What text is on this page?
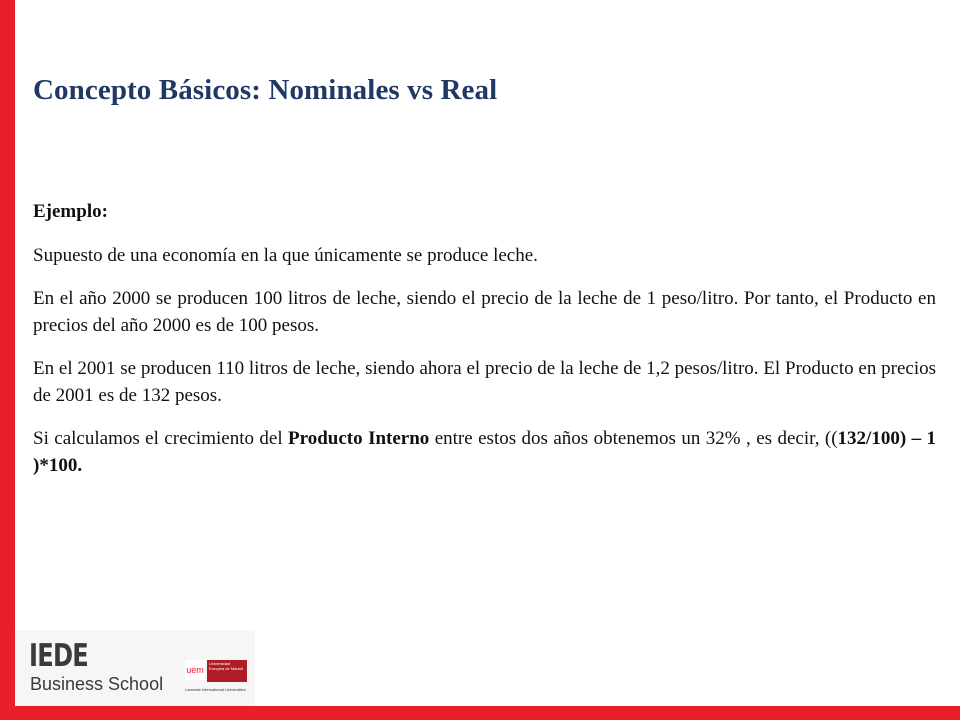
Concepto Básicos: Nominales vs Real

Ejemplo:

Supuesto de una economía en la que únicamente se produce leche.

En el año 2000 se producen 100 litros de leche, siendo el precio de la leche de 1 peso/litro. Por tanto, el Producto en precios del año 2000 es de 100 pesos.

En el 2001 se producen 110 litros de leche, siendo ahora el precio de la leche de 1,2 pesos/litro. El Producto en precios de 2001 es de 132 pesos.

Si calculamos el crecimiento del Producto Interno entre estos dos años obtenemos un 32% , es decir, ((132/100) – 1 )*100.

IEDE
Business School
uem
Universidad Europea de Madrid
Laureate International Universities
